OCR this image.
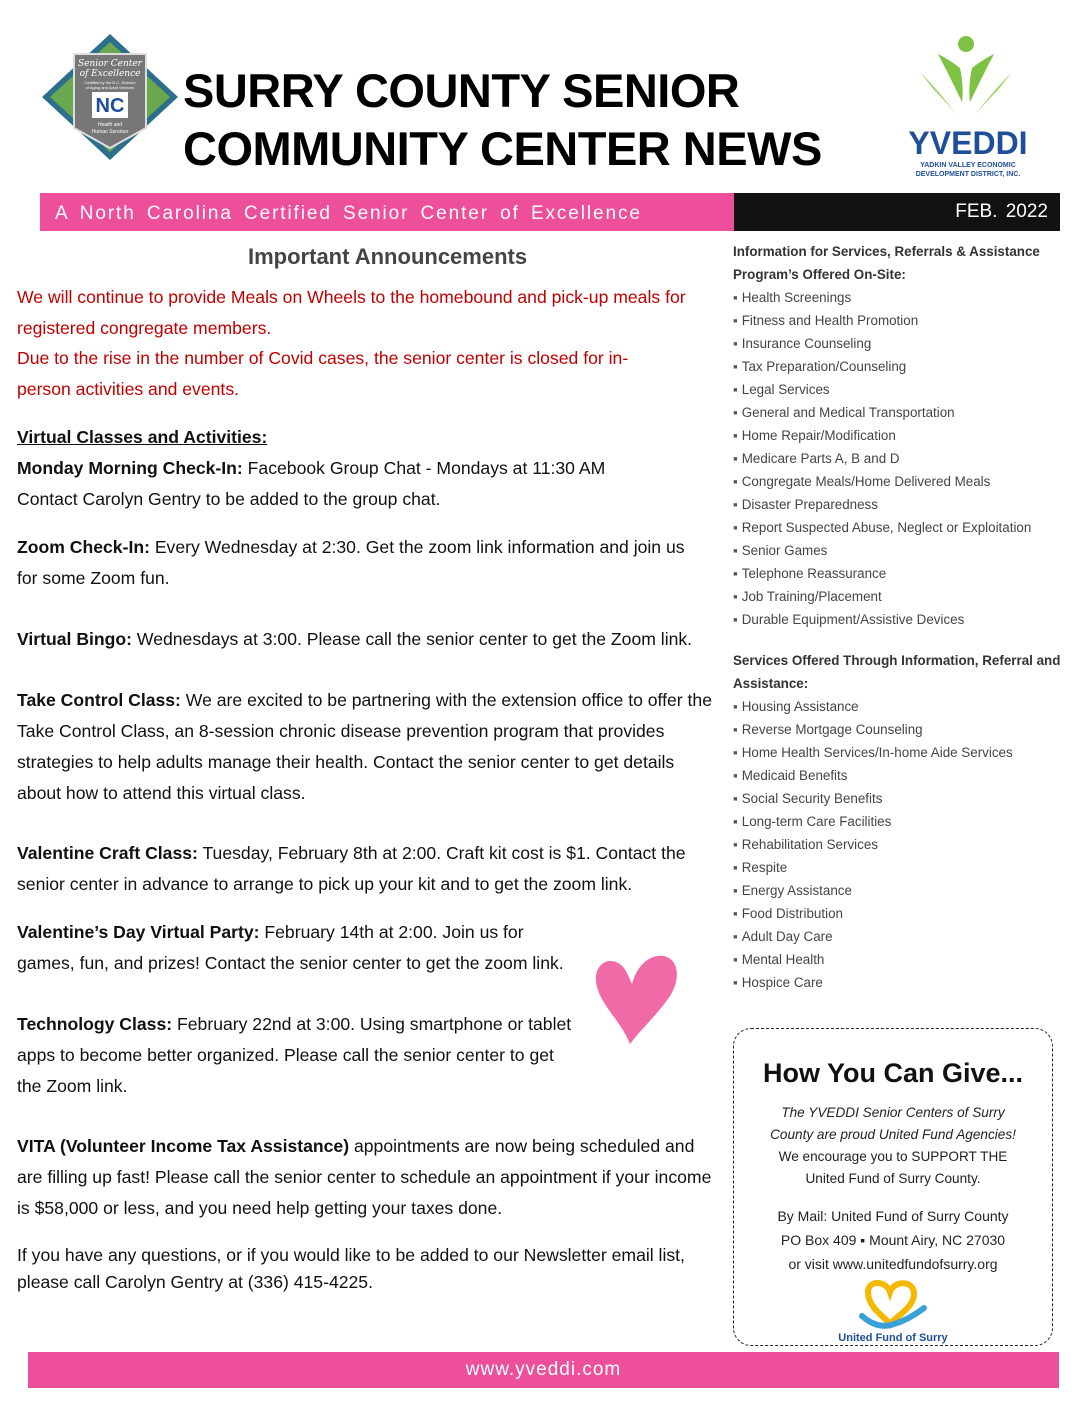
Senior Center
of Excellence
Certified by the N.C. Division
of Aging and Adult Services
NC
Health and
Human Services
SURRY COUNTY SENIOR
COMMUNITY CENTER NEWS	YVEDDI
YADKIN VALLEY ECONOMIC
DEVELOPMENT DISTRICT, INC.
A North Carolina Certified Senior Center of Excellence	FEB. 2022
Important Announcements

We will continue to provide Meals on Wheels to the homebound and pick-up meals for registered congregate members.

Due to the rise in the number of Covid cases, the senior center is closed for in-person activities and events.

Virtual Classes and Activities:

Monday Morning Check-In: Facebook Group Chat - Mondays at 11:30 AM
Contact Carolyn Gentry to be added to the group chat.

Zoom Check-In: Every Wednesday at 2:30. Get the zoom link information and join us for some Zoom fun.

Virtual Bingo: Wednesdays at 3:00. Please call the senior center to get the Zoom link.

Take Control Class: We are excited to be partnering with the extension office to offer the Take Control Class, an 8-session chronic disease prevention program that provides strategies to help adults manage their health. Contact the senior center to get details about how to attend this virtual class.

Valentine Craft Class: Tuesday, February 8th at 2:00. Craft kit cost is $1. Contact the senior center in advance to arrange to pick up your kit and to get the zoom link.

Valentine’s Day Virtual Party: February 14th at 2:00. Join us for
games, fun, and prizes! Contact the senior center to get the zoom link.

Technology Class: February 22nd at 3:00. Using smartphone or tablet
apps to become better organized. Please call the senior center to get
the Zoom link.

VITA (Volunteer Income Tax Assistance) appointments are now being scheduled and are filling up fast! Please call the senior center to schedule an appointment if your income is $58,000 or less, and you need help getting your taxes done.

If you have any questions, or if you would like to be added to our Newsletter email list, please call Carolyn Gentry at (336) 415-4225.

Information for Services, Referrals & Assistance
Program’s Offered On-Site:
▪ Health Screenings
▪ Fitness and Health Promotion
▪ Insurance Counseling
▪ Tax Preparation/Counseling
▪ Legal Services
▪ General and Medical Transportation
▪ Home Repair/Modification
▪ Medicare Parts A, B and D
▪ Congregate Meals/Home Delivered Meals
▪ Disaster Preparedness
▪ Report Suspected Abuse, Neglect or Exploitation
▪ Senior Games
▪ Telephone Reassurance
▪ Job Training/Placement
▪ Durable Equipment/Assistive Devices
Services Offered Through Information, Referral and Assistance:
▪ Housing Assistance
▪ Reverse Mortgage Counseling
▪ Home Health Services/In-home Aide Services
▪ Medicaid Benefits
▪ Social Security Benefits
▪ Long-term Care Facilities
▪ Rehabilitation Services
▪ Respite
▪ Energy Assistance
▪ Food Distribution
▪ Adult Day Care
▪ Mental Health
▪ Hospice Care
How You Can Give...
The YVEDDI Senior Centers of Surry
County are proud United Fund Agencies!
We encourage you to SUPPORT THE
United Fund of Surry County.
By Mail: United Fund of Surry County
PO Box 409 ▪ Mount Airy, NC 27030
or visit www.unitedfundofsurry.org
United Fund of Surry
www.yveddi.com
